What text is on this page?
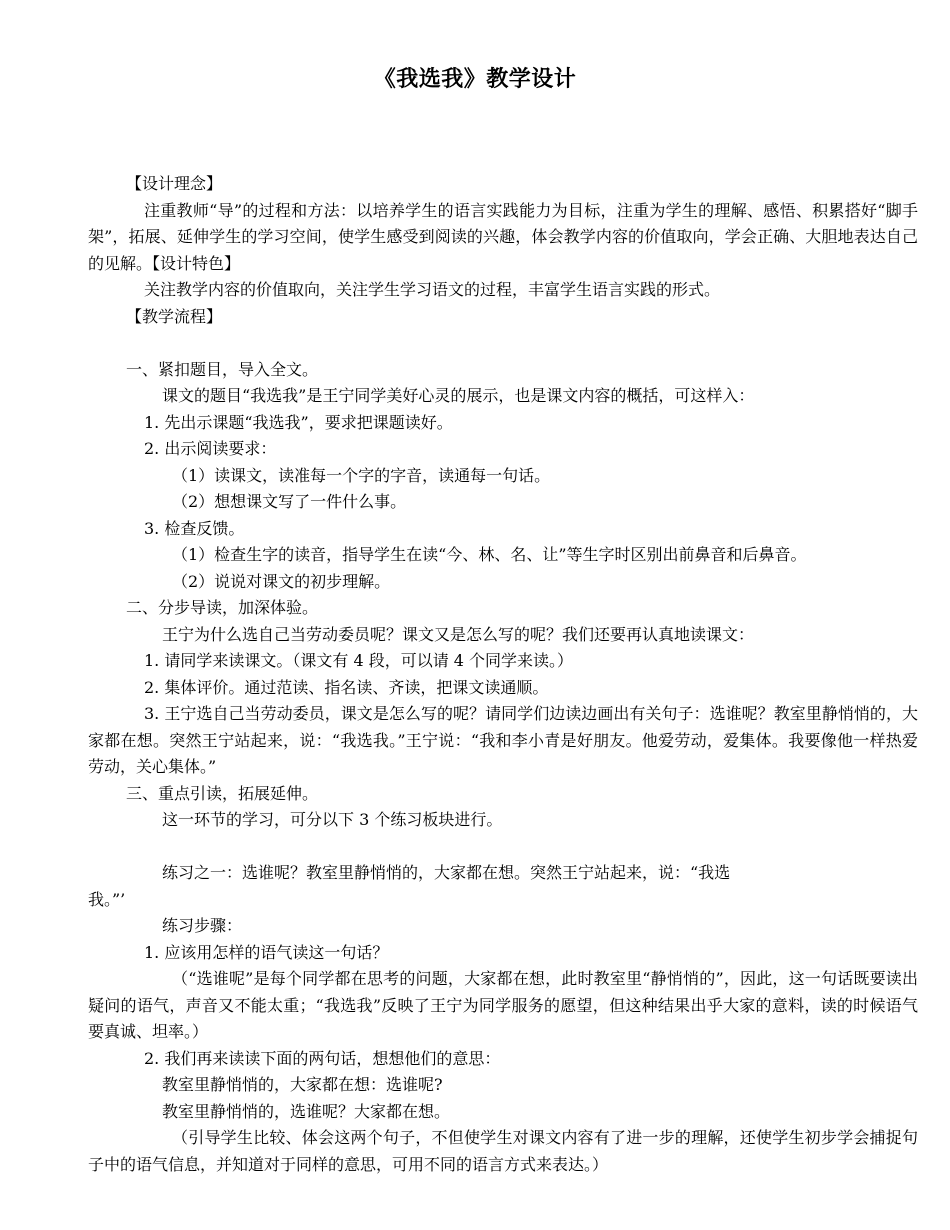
《我选我》教学设计

【设计理念】

注重教师“导”的过程和方法：以培养学生的语言实践能力为目标，注重为学生的理解、感悟、积累搭好“脚手架”，拓展、延伸学生的学习空间，使学生感受到阅读的兴趣，体会教学内容的价值取向，学会正确、大胆地表达自己的见解。【设计特色】

关注教学内容的价值取向，关注学生学习语文的过程，丰富学生语言实践的形式。

【教学流程】

一、紧扣题目，导入全文。

课文的题目“我选我”是王宁同学美好心灵的展示，也是课文内容的概括，可这样入：

1. 先出示课题“我选我”，要求把课题读好。

2. 出示阅读要求：

（1）读课文，读准每一个字的字音，读通每一句话。

（2）想想课文写了一件什么事。

3. 检查反馈。

（1）检查生字的读音，指导学生在读“今、林、名、让”等生字时区别出前鼻音和后鼻音。

（2）说说对课文的初步理解。

二、分步导读，加深体验。

王宁为什么选自己当劳动委员呢？课文又是怎么写的呢？我们还要再认真地读课文：

1. 请同学来读课文。（课文有 4 段，可以请 4 个同学来读。）

2. 集体评价。通过范读、指名读、齐读，把课文读通顺。

3. 王宁选自己当劳动委员，课文是怎么写的呢？请同学们边读边画出有关句子：选谁呢？教室里静悄悄的，大家都在想。突然王宁站起来，说：“我选我。”王宁说：“我和李小青是好朋友。他爱劳动，爱集体。我要像他一样热爱劳动，关心集体。”

三、重点引读，拓展延伸。

这一环节的学习，可分以下 3 个练习板块进行。

练习之一：选谁呢？教室里静悄悄的，大家都在想。突然王宁站起来，说：“我选

我。”’

练习步骤：

1. 应该用怎样的语气读这一句话？

（“选谁呢”是每个同学都在思考的问题，大家都在想，此时教室里“静悄悄的”，因此，这一句话既要读出疑问的语气，声音又不能太重；“我选我”反映了王宁为同学服务的愿望，但这种结果出乎大家的意料，读的时候语气要真诚、坦率。）

2. 我们再来读读下面的两句话，想想他们的意思：

教室里静悄悄的，大家都在想：选谁呢?

教室里静悄悄的，选谁呢？大家都在想。

（引导学生比较、体会这两个句子，不但使学生对课文内容有了进一步的理解，还使学生初步学会捕捉句子中的语气信息，并知道对于同样的意思，可用不同的语言方式来表达。）
